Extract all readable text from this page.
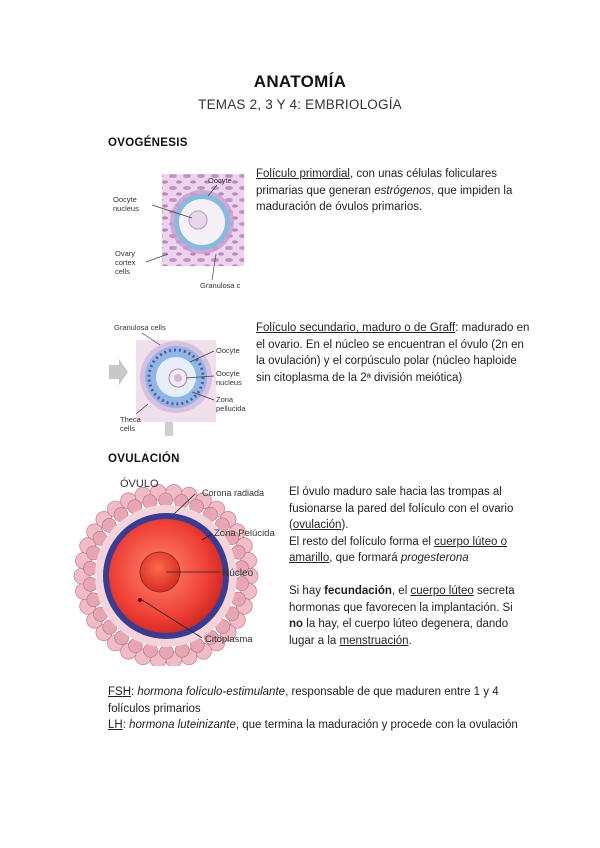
ANATOMÍA
TEMAS 2, 3 Y 4: EMBRIOLOGÍA
OVOGÉNESIS
Oocyte
Oocyte
nucleus
Ovary
cortex
cells
Granulosa c
Folículo primordial, con unas células foliculares primarias que generan estrógenos, que impiden la maduración de óvulos primarios.
Granulosa cells
Oocyte
Oocyte
nucleus
Zona
pellucida
Theca
cells
Folículo secundario, maduro o de Graff: madurado en el ovario. En el núcleo se encuentran el óvulo (2n en la ovulación) y el corpúsculo polar (núcleo haploide sin citoplasma de la 2ª división meiótica)
OVULACIÓN
ÓVULO
Corona radiada
Zona Pelúcida
Núcleo
Citoplasma
El óvulo maduro sale hacia las trompas al fusionarse la pared del folículo con el ovario (ovulación).
El resto del folículo forma el cuerpo lúteo o amarillo, que formará progesterona
Si hay fecundación, el cuerpo lúteo secreta hormonas que favorecen la implantación. Si no la hay, el cuerpo lúteo degenera, dando lugar a la menstruación.
FSH: hormona folículo-estimulante, responsable de que maduren entre 1 y 4 folículos primarios
LH: hormona luteinizante, que termina la maduración y procede con la ovulación
